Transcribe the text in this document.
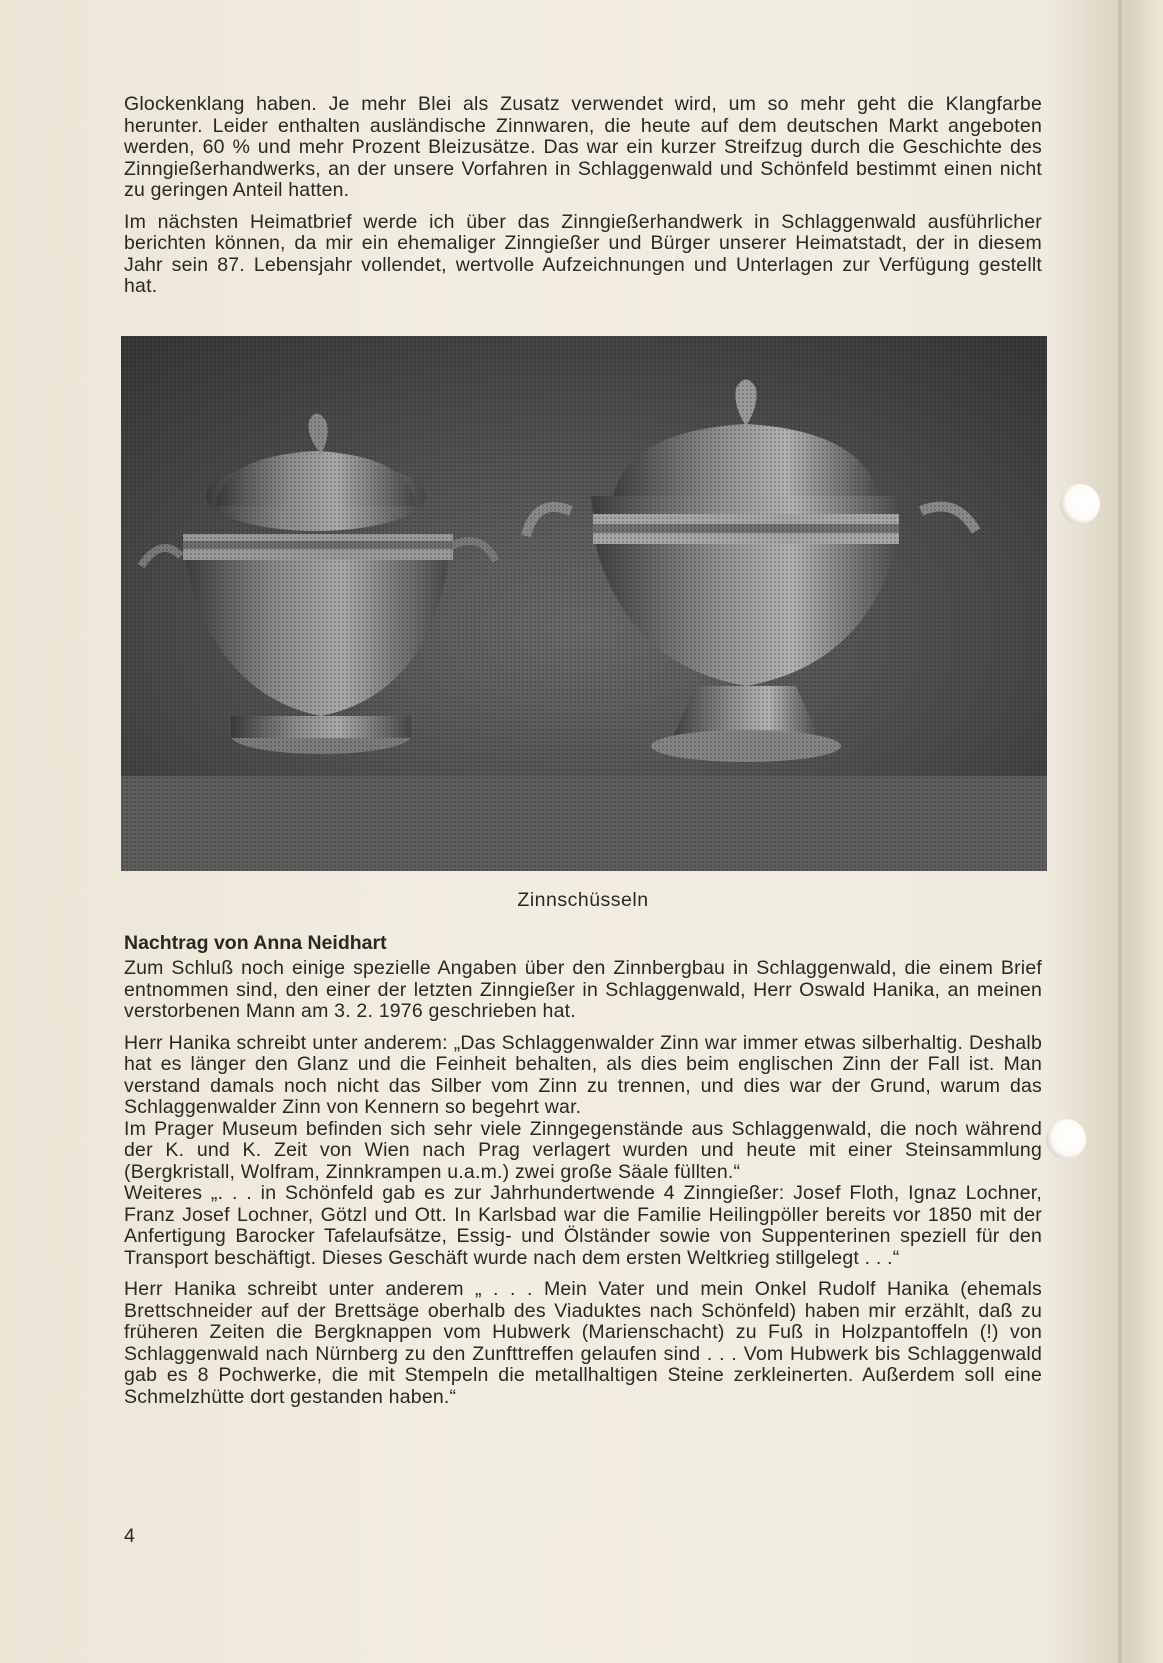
Glockenklang haben. Je mehr Blei als Zusatz verwendet wird, um so mehr geht die Klangfarbe herunter. Leider enthalten ausländische Zinnwaren, die heute auf dem deutschen Markt angeboten werden, 60 % und mehr Prozent Bleizusätze. Das war ein kurzer Streifzug durch die Geschichte des Zinngießerhandwerks, an der unsere Vorfahren in Schlaggenwald und Schönfeld bestimmt einen nicht zu geringen Anteil hatten.

Im nächsten Heimatbrief werde ich über das Zinngießerhandwerk in Schlaggenwald ausführlicher berichten können, da mir ein ehemaliger Zinngießer und Bürger unserer Heimatstadt, der in diesem Jahr sein 87. Lebensjahr vollendet, wertvolle Aufzeichnungen und Unterlagen zur Verfügung gestellt hat.

Zinnschüsseln
Nachtrag von Anna Neidhart

Zum Schluß noch einige spezielle Angaben über den Zinnbergbau in Schlaggenwald, die einem Brief entnommen sind, den einer der letzten Zinngießer in Schlaggenwald, Herr Oswald Hanika, an meinen verstorbenen Mann am 3. 2. 1976 geschrieben hat.

Herr Hanika schreibt unter anderem: „Das Schlaggenwalder Zinn war immer etwas silberhaltig. Deshalb hat es länger den Glanz und die Feinheit behalten, als dies beim englischen Zinn der Fall ist. Man verstand damals noch nicht das Silber vom Zinn zu trennen, und dies war der Grund, warum das Schlaggenwalder Zinn von Kennern so begehrt war.

Im Prager Museum befinden sich sehr viele Zinngegenstände aus Schlaggenwald, die noch während der K. und K. Zeit von Wien nach Prag verlagert wurden und heute mit einer Steinsammlung (Bergkristall, Wolfram, Zinnkrampen u.a.m.) zwei große Säale füllten.“

Weiteres „. . . in Schönfeld gab es zur Jahrhundertwende 4 Zinngießer: Josef Floth, Ignaz Lochner, Franz Josef Lochner, Götzl und Ott. In Karlsbad war die Familie Heilingpöller bereits vor 1850 mit der Anfertigung Barocker Tafelaufsätze, Essig- und Ölständer sowie von Suppenterinen speziell für den Transport beschäftigt. Dieses Geschäft wurde nach dem ersten Weltkrieg stillgelegt . . .“

Herr Hanika schreibt unter anderem „ . . . Mein Vater und mein Onkel Rudolf Hanika (ehemals Brettschneider auf der Brettsäge oberhalb des Viaduktes nach Schönfeld) haben mir erzählt, daß zu früheren Zeiten die Bergknappen vom Hubwerk (Marienschacht) zu Fuß in Holzpantoffeln (!) von Schlaggenwald nach Nürnberg zu den Zunfttreffen gelaufen sind . . . Vom Hubwerk bis Schlaggenwald gab es 8 Pochwerke, die mit Stempeln die metallhaltigen Steine zerkleinerten. Außerdem soll eine Schmelzhütte dort gestanden haben.“

4
